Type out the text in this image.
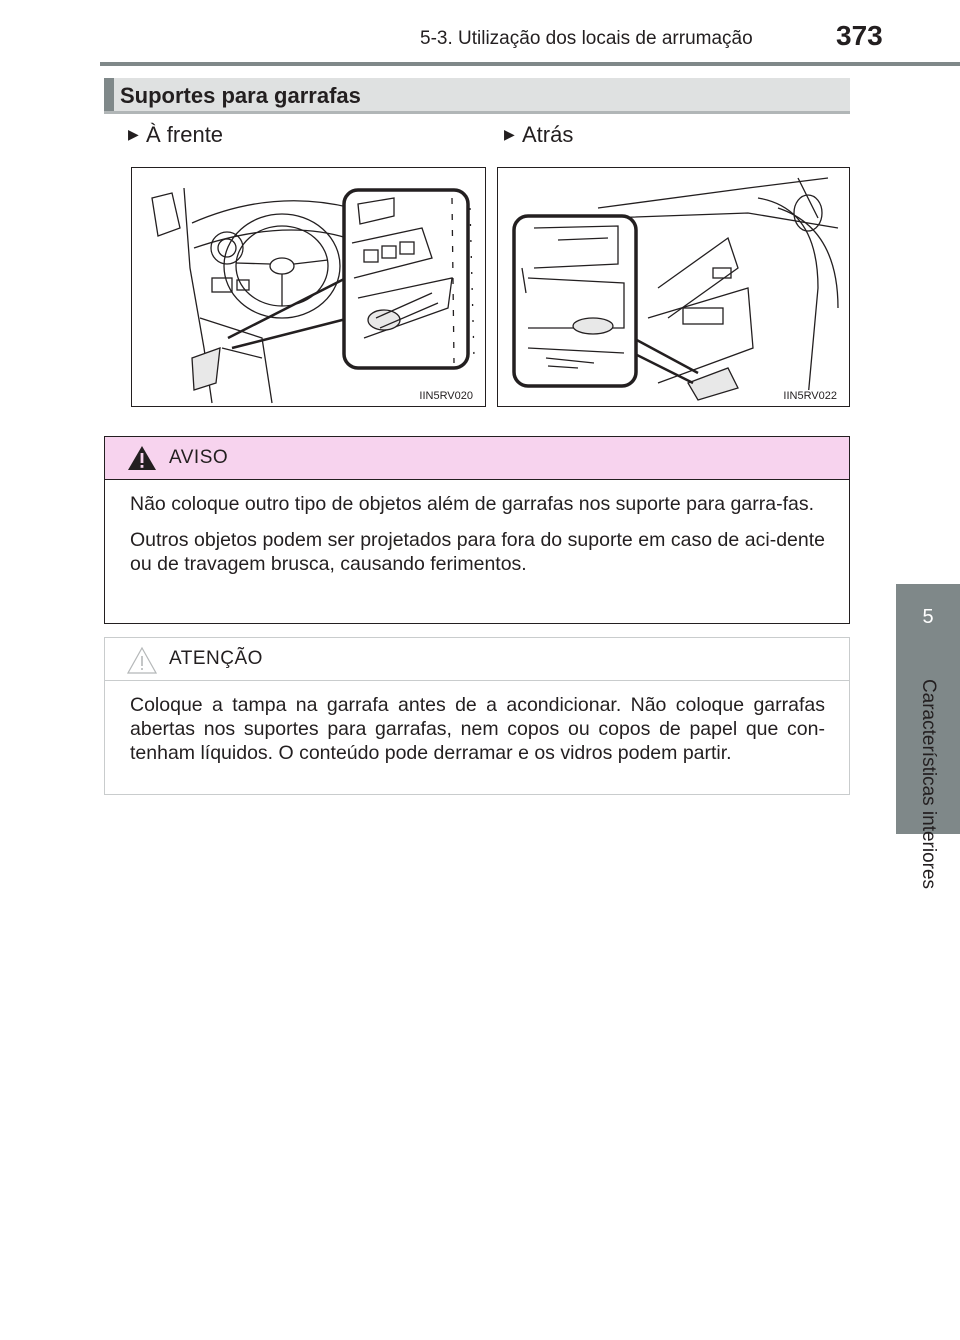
5-3. Utilização dos locais de arrumação	373
5
Características interiores
Suportes para garrafas
▶ À frente	▶ Atrás
IIN5RV020	IIN5RV022
AVISO

Não coloque outro tipo de objetos além de garrafas nos suporte para garra-fas.

Outros objetos podem ser projetados para fora do suporte em caso de aci-dente ou de travagem brusca, causando ferimentos.

ATENÇÃO

Coloque a tampa na garrafa antes de a acondicionar. Não coloque garrafas abertas nos suportes para garrafas, nem copos ou copos de papel que con-tenham líquidos. O conteúdo pode derramar e os vidros podem partir.
